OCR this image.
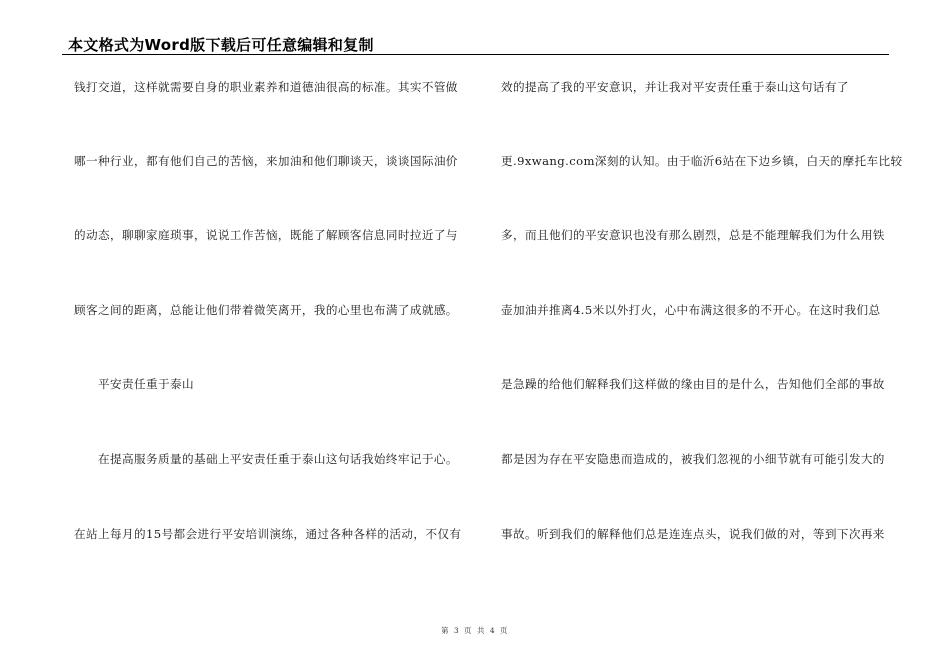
本文格式为Word版下载后可任意编辑和复制
钱打交道，这样就需要自身的职业素养和道德油很高的标准。其实不管做
哪一种行业，都有他们自己的苦恼，来加油和他们聊谈天，谈谈国际油价
的动态，聊聊家庭琐事，说说工作苦恼，既能了解顾客信息同时拉近了与
顾客之间的距离，总能让他们带着微笑离开，我的心里也布满了成就感。
平安责任重于泰山
在提高服务质量的基础上平安责任重于泰山这句话我始终牢记于心。
在站上每月的15号都会进行平安培训演练，通过各种各样的活动，不仅有
效的提高了我的平安意识，并让我对平安责任重于泰山这句话有了
更.9xwang.com深刻的认知。由于临沂6站在下边乡镇，白天的摩托车比较
多，而且他们的平安意识也没有那么剧烈，总是不能理解我们为什么用铁
壶加油并推离4.5米以外打火，心中布满这很多的不开心。在这时我们总
是急躁的给他们解释我们这样做的缘由目的是什么，告知他们全部的事故
都是因为存在平安隐患而造成的，被我们忽视的小细节就有可能引发大的
事故。听到我们的解释他们总是连连点头，说我们做的对，等到下次再来
第 3 页 共 4 页
